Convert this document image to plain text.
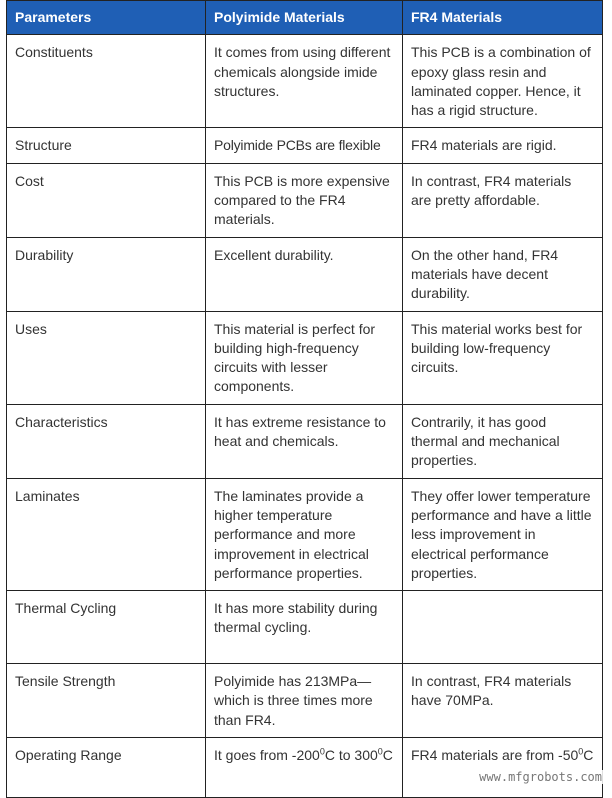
Parameters	Polyimide Materials	FR4 Materials
Constituents	It comes from using different chemicals alongside imide structures.	This PCB is a combination of epoxy glass resin and laminated copper. Hence, it has a rigid structure.
Structure	Polyimide PCBs are flexible	FR4 materials are rigid.
Cost	This PCB is more expensive compared to the FR4 materials.	In contrast, FR4 materials are pretty affordable.
Durability	Excellent durability.	On the other hand, FR4 materials have decent durability.
Uses	This material is perfect for building high-frequency circuits with lesser components.	This material works best for building low-frequency circuits.
Characteristics	It has extreme resistance to heat and chemicals.	Contrarily, it has good thermal and mechanical properties.
Laminates	The laminates provide a higher temperature performance and more improvement in electrical performance properties.	They offer lower temperature performance and have a little less improvement in electrical performance properties.
Thermal Cycling	It has more stability during thermal cycling.	
Tensile Strength	Polyimide has 213MPa—which is three times more than FR4.	In contrast, FR4 materials have 70MPa.
Operating Range	It goes from $-200^0C$ to $300^0C$	FR4 materials are from $-50^0C$
www.mfgrobots.com
